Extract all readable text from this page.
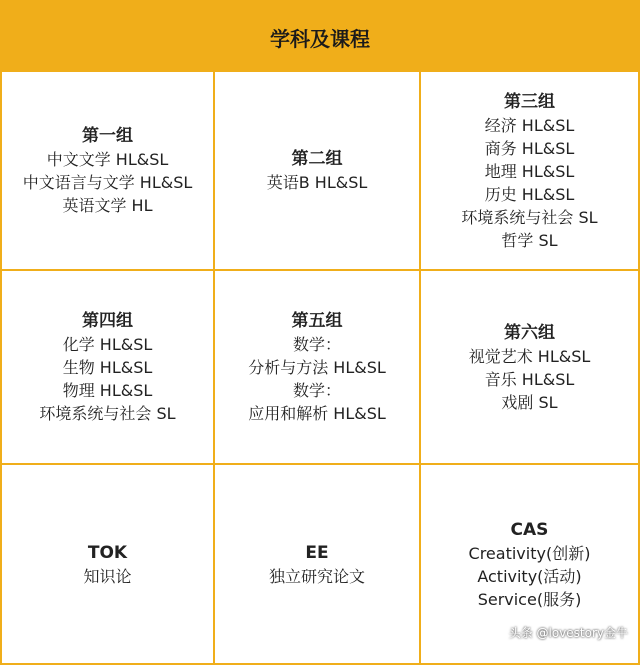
学科及课程
第一组
中文文学 HL&SL
中文语言与文学 HL&SL
英语文学 HL
第二组
英语B HL&SL
第三组
经济 HL&SL
商务 HL&SL
地理 HL&SL
历史 HL&SL
环境系统与社会 SL
哲学 SL
第四组
化学 HL&SL
生物 HL&SL
物理 HL&SL
环境系统与社会 SL
第五组
数学：
分析与方法 HL&SL
数学：
应用和解析 HL&SL
第六组
视觉艺术 HL&SL
音乐 HL&SL
戏剧 SL
TOK
知识论
EE
独立研究论文
CAS
Creativity(创新)
Activity(活动)
Service(服务)
头条 @lovestory金牛
